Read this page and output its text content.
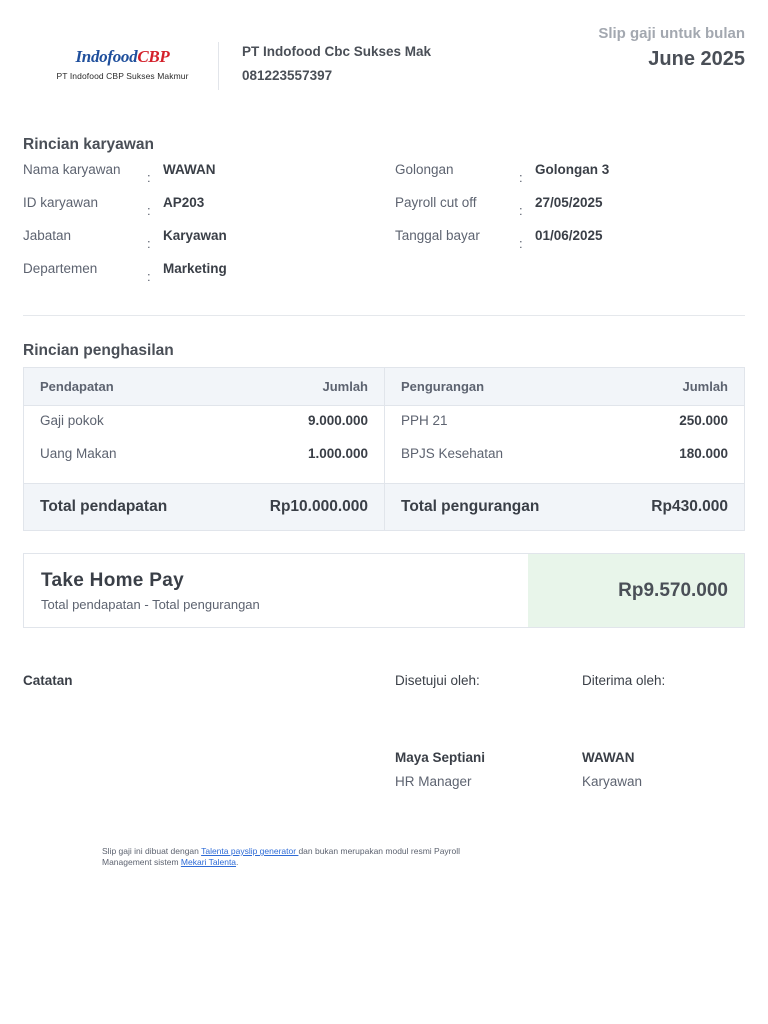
IndofoodCBP
PT Indofood CBP Sukses Makmur
PT Indofood Cbc Sukses Mak
081223557397
Slip gaji untuk bulan
June 2025
Rincian karyawan
Nama karyawan
:
WAWAN
ID karyawan
:
AP203
Jabatan
:
Karyawan
Departemen
:
Marketing
Golongan
:
Golongan 3
Payroll cut off
:
27/05/2025
Tanggal bayar
:
01/06/2025
Rincian penghasilan
Pendapatan	Jumlah
Gaji pokok	9.000.000
Uang Makan	1.000.000
Total pendapatan	Rp10.000.000
Pengurangan	Jumlah
PPH 21	250.000
BPJS Kesehatan	180.000
Total pengurangan	Rp430.000
Take Home Pay
Total pendapatan - Total pengurangan
Rp9.570.000
Catatan	Disetujui oleh:
Maya Septiani
HR Manager
Diterima oleh:
WAWAN
Karyawan
Slip gaji ini dibuat dengan Talenta payslip generator dan bukan merupakan modul resmi Payroll Management sistem Mekari Talenta.
